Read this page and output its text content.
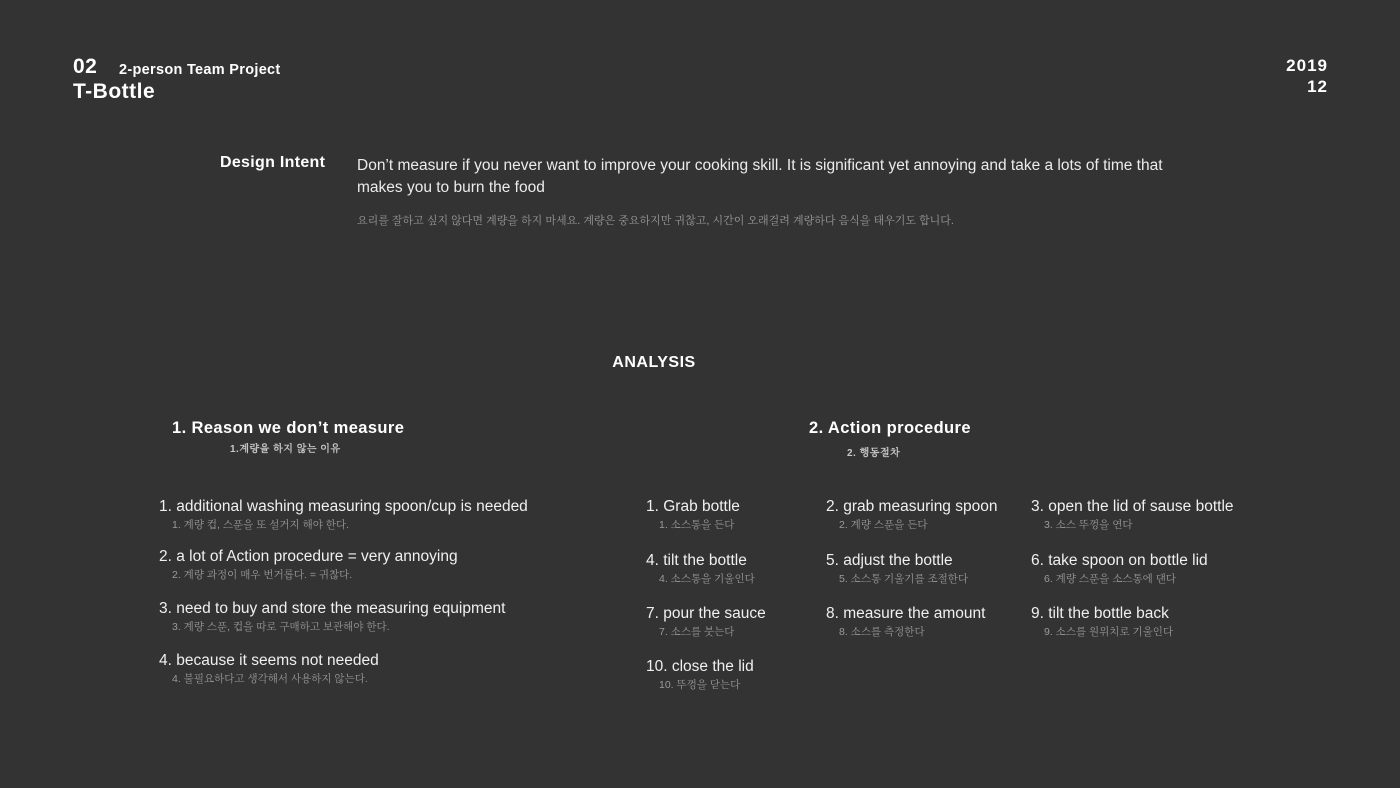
02 2-person Team Project
T-Bottle
2019
12
Design Intent Don’t measure if you never want to improve your cooking skill. It is significant yet annoying and take a lots of time that makes you to burn the food
요리를 잘하고 싶지 않다면 계량을 하지 마세요. 계량은 중요하지만 귀찮고, 시간이 오래걸려 계량하다 음식을 태우기도 합니다.
ANALYSIS
1. Reason we don’t measure
1.계량을 하지 않는 이유
1. additional washing measuring spoon/cup is needed
1. 계량 컵, 스푼을 또 설거지 해야 한다.
2. a lot of Action procedure = very annoying
2. 계량 과정이 매우 번거롭다. = 귀찮다.
3. need to buy and store the measuring equipment
3. 계량 스푼, 컵을 따로 구매하고 보관해야 한다.
4. because it seems not needed
4. 불필요하다고 생각해서 사용하지 않는다.
2. Action procedure
2. 행동절차
1. Grab bottle
1. 소스통을 든다
2. grab measuring spoon
2. 계량 스푼을 든다
3. open the lid of sause bottle
3. 소스 뚜껑을 연다
4. tilt the bottle
4. 소스통을 기울인다
5. adjust the bottle
5. 소스통 기울기를 조절한다
6. take spoon on bottle lid
6. 계량 스푼을 소스통에 댄다
7. pour the sauce
7. 소스를 붓는다
8. measure the amount
8. 소스를 측정한다
9. tilt the bottle back
9. 소스를 원위치로 기울인다
10. close the lid
10. 뚜껑을 닫는다
